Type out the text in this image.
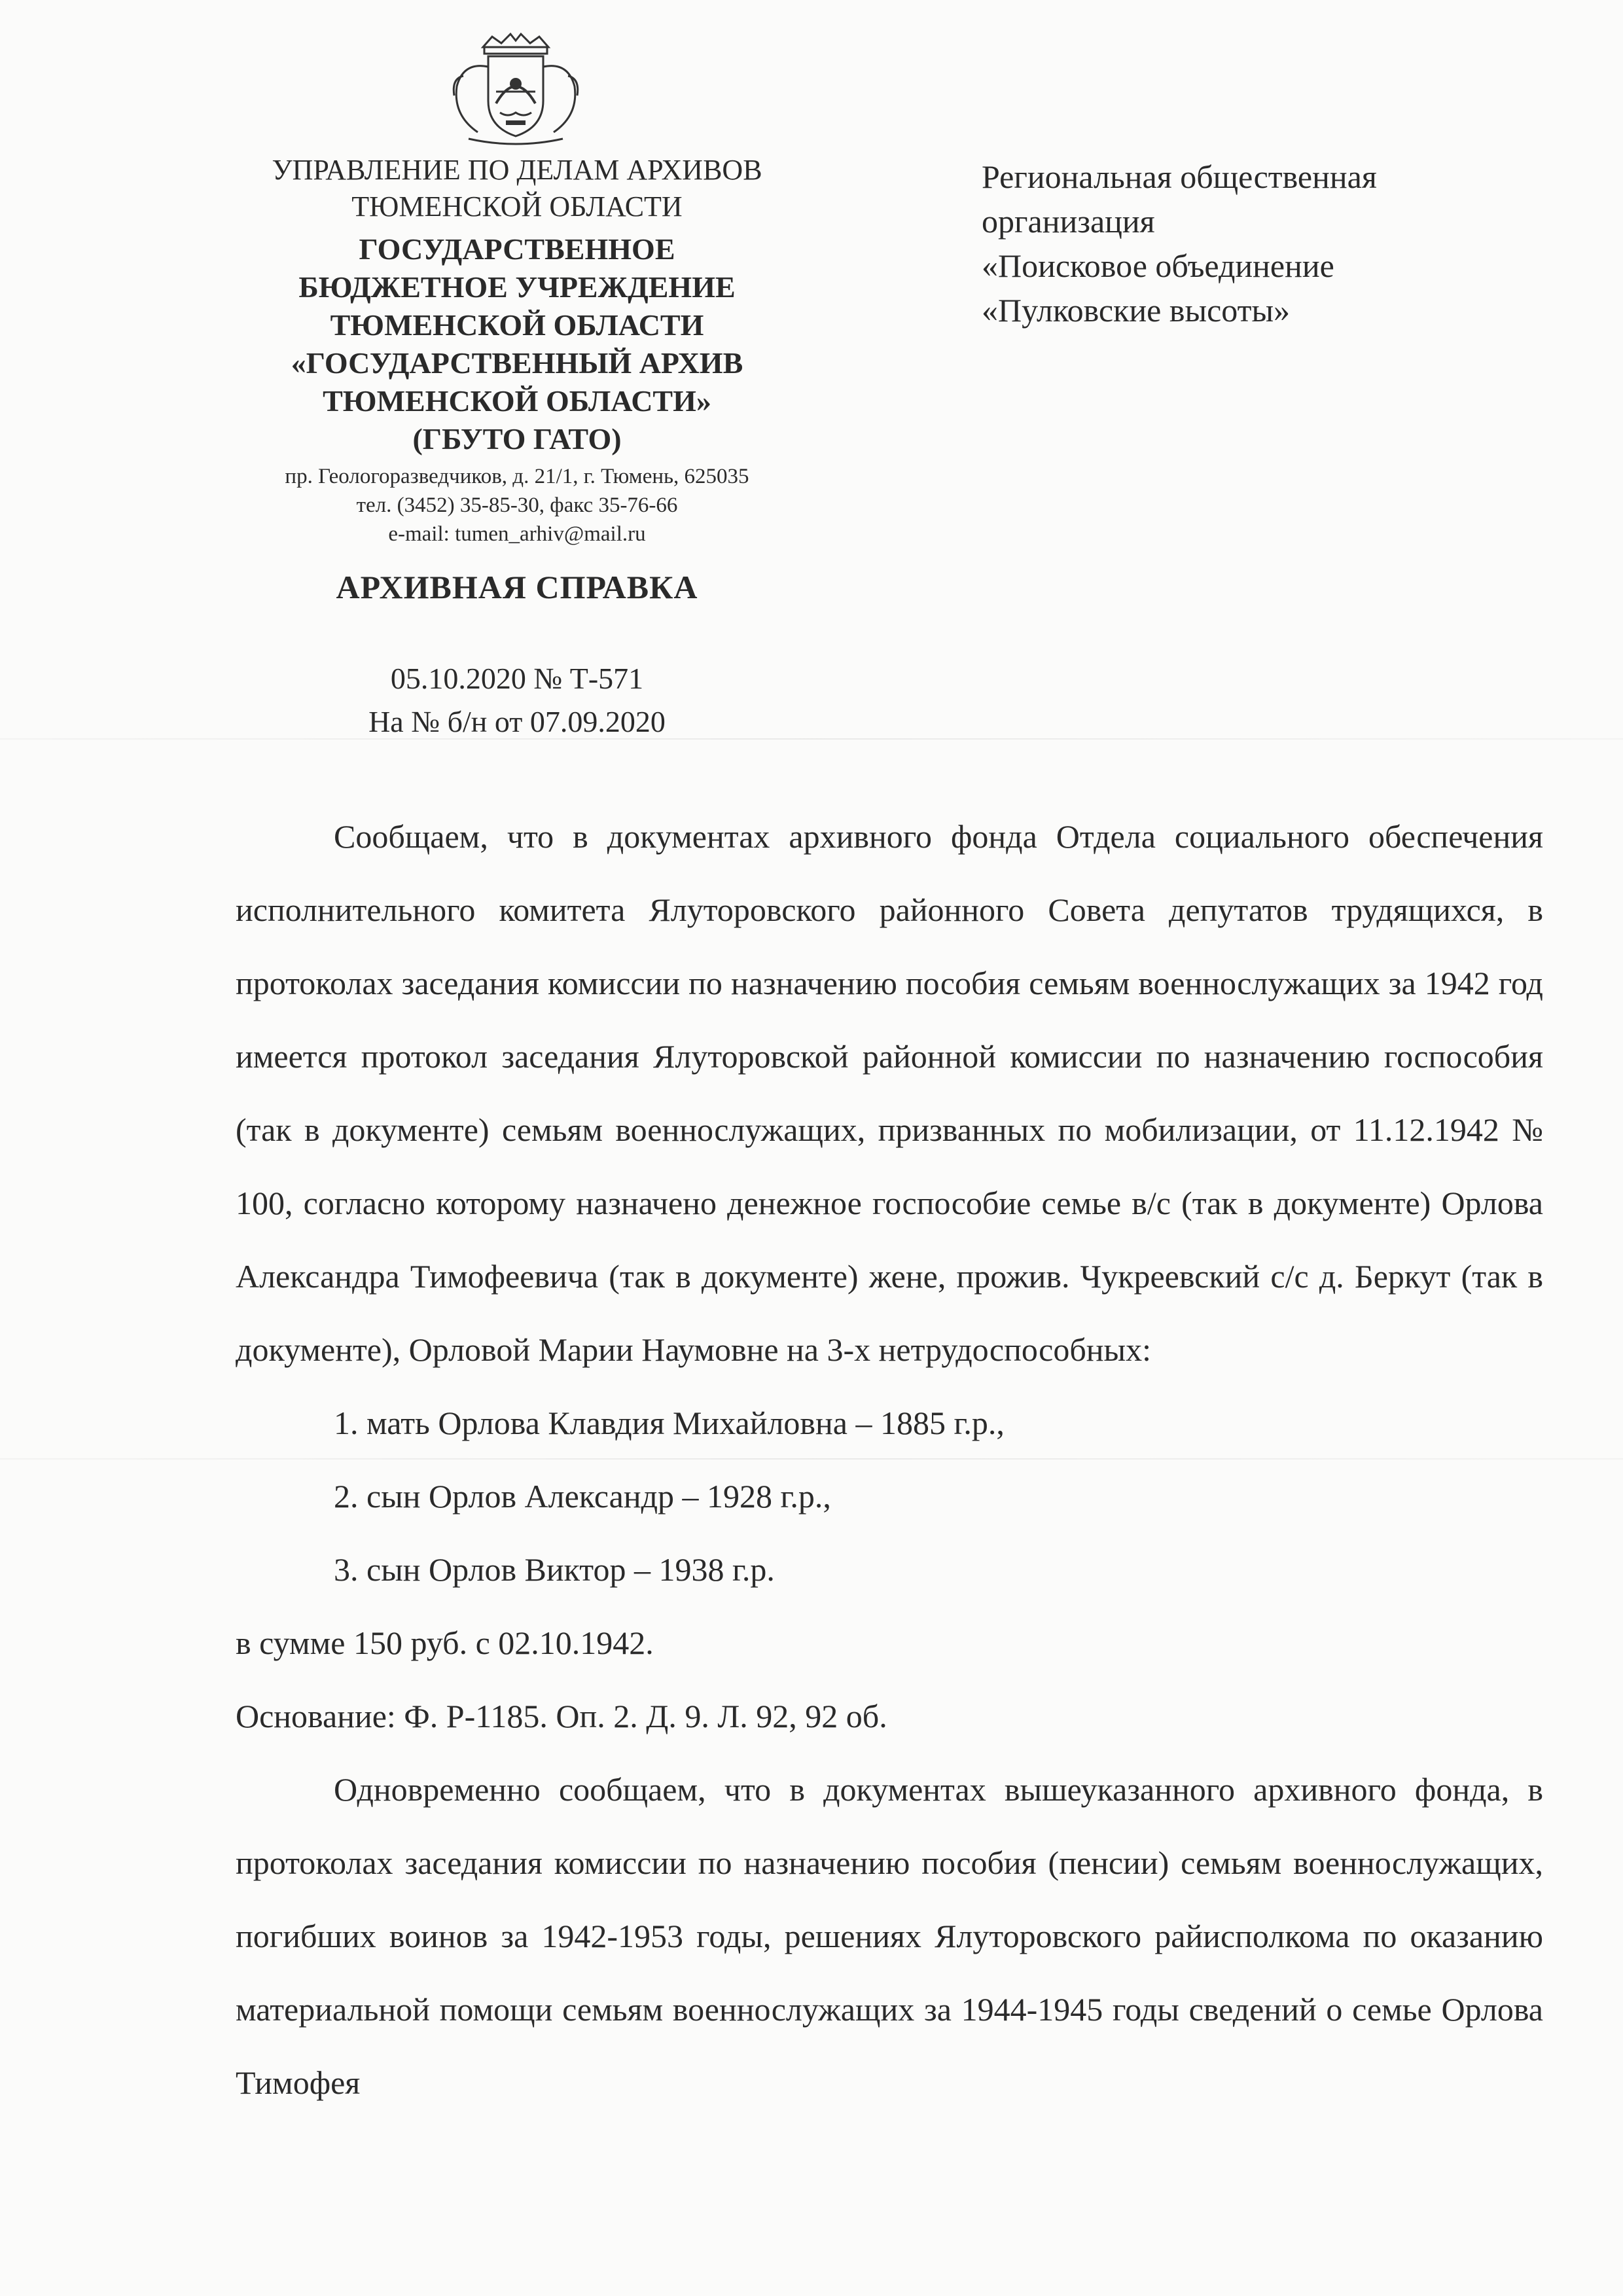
УПРАВЛЕНИЕ ПО ДЕЛАМ АРХИВОВ
ТЮМЕНСКОЙ ОБЛАСТИ
ГОСУДАРСТВЕННОЕ
БЮДЖЕТНОЕ УЧРЕЖДЕНИЕ
ТЮМЕНСКОЙ ОБЛАСТИ
«ГОСУДАРСТВЕННЫЙ АРХИВ
ТЮМЕНСКОЙ ОБЛАСТИ»
(ГБУТО ГАТО)
пр. Геологоразведчиков, д. 21/1, г. Тюмень, 625035
тел. (3452) 35-85-30, факс 35-76-66
e-mail: tumen_arhiv@mail.ru
АРХИВНАЯ СПРАВКА
05.10.2020 № Т-571
На № б/н от 07.09.2020
Региональная общественная
организация
«Поисковое объединение
«Пулковские высоты»

Сообщаем, что в документах архивного фонда Отдела социального обеспечения исполнительного комитета Ялуторовского районного Совета депутатов трудящихся, в протоколах заседания комиссии по назначению пособия семьям военнослужащих за 1942 год имеется протокол заседания Ялуторовской районной комиссии по назначению госпособия (так в документе) семьям военнослужащих, призванных по мобилизации, от 11.12.1942 № 100, согласно которому назначено денежное госпособие семье в/с (так в документе) Орлова Александра Тимофеевича (так в документе) жене, прожив. Чукреевский с/с д. Беркут (так в документе), Орловой Марии Наумовне на 3-х нетрудоспособных:

1. мать Орлова Клавдия Михайловна – 1885 г.р.,

2. сын Орлов Александр – 1928 г.р.,

3. сын Орлов Виктор – 1938 г.р.

в сумме 150 руб. с 02.10.1942.

Основание: Ф. Р-1185. Оп. 2. Д. 9. Л. 92, 92 об.

Одновременно сообщаем, что в документах вышеуказанного архивного фонда, в протоколах заседания комиссии по назначению пособия (пенсии) семьям военнослужащих, погибших воинов за 1942-1953 годы, решениях Ялуторовского райисполкома по оказанию материальной помощи семьям военнослужащих за 1944-1945 годы сведений о семье Орлова Тимофея
